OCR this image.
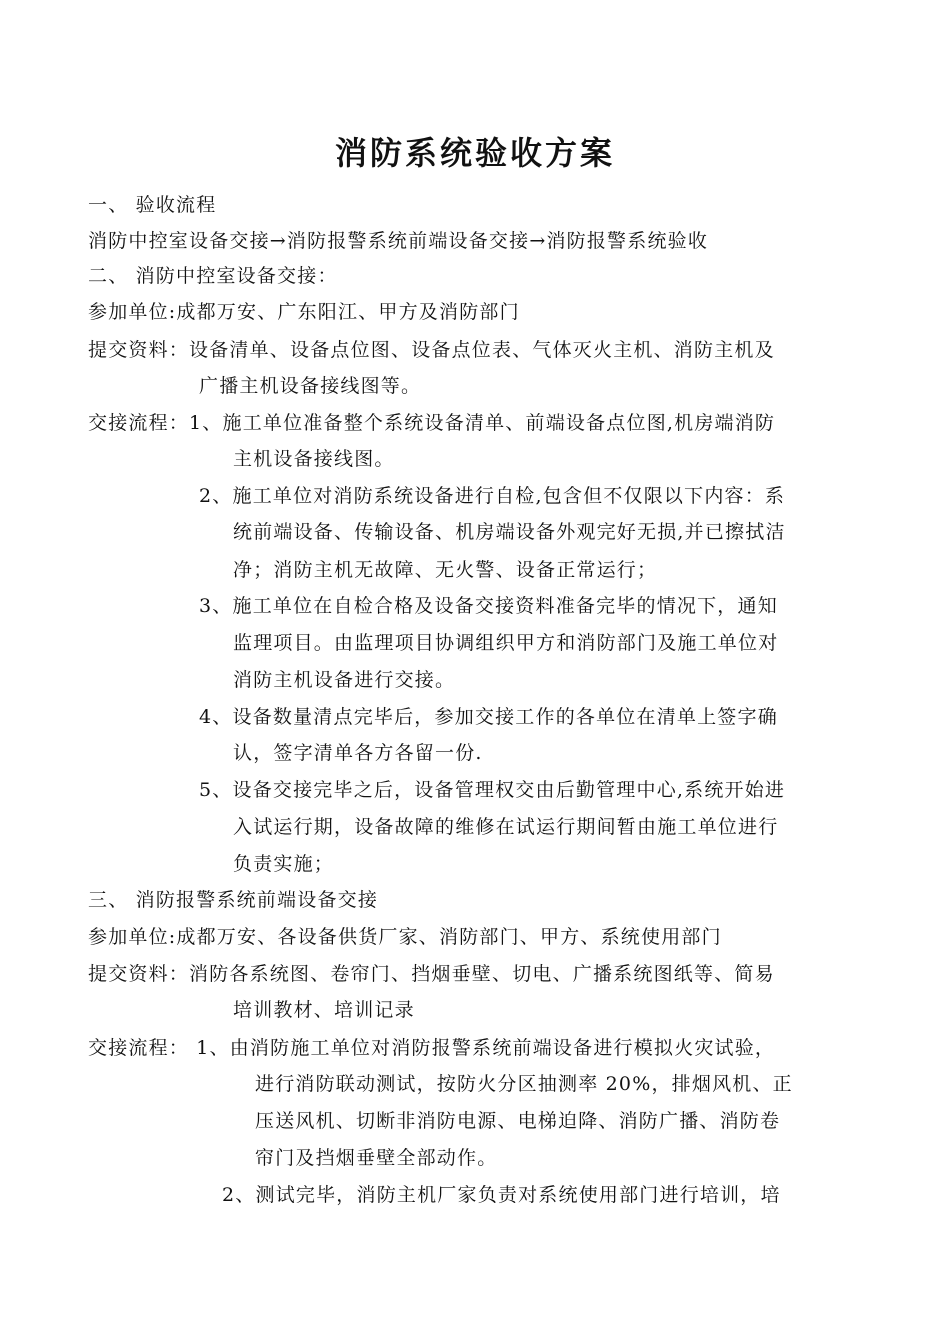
消防系统验收方案
一、 验收流程
消防中控室设备交接→消防报警系统前端设备交接→消防报警系统验收
二、 消防中控室设备交接：
参加单位:成都万安、广东阳江、甲方及消防部门
提交资料：设备清单、设备点位图、设备点位表、气体灭火主机、消防主机及
广播主机设备接线图等。
交接流程：1、施工单位准备整个系统设备清单、前端设备点位图,机房端消防
主机设备接线图。
2、施工单位对消防系统设备进行自检,包含但不仅限以下内容：系
统前端设备、传输设备、机房端设备外观完好无损,并已擦拭洁
净；消防主机无故障、无火警、设备正常运行；
3、施工单位在自检合格及设备交接资料准备完毕的情况下，通知
监理项目。由监理项目协调组织甲方和消防部门及施工单位对
消防主机设备进行交接。
4、设备数量清点完毕后，参加交接工作的各单位在清单上签字确
认，签字清单各方各留一份.
5、设备交接完毕之后，设备管理权交由后勤管理中心,系统开始进
入试运行期，设备故障的维修在试运行期间暂由施工单位进行
负责实施；
三、 消防报警系统前端设备交接
参加单位:成都万安、各设备供货厂家、消防部门、甲方、系统使用部门
提交资料：消防各系统图、卷帘门、挡烟垂壁、切电、广播系统图纸等、简易
培训教材、培训记录
交接流程： 1、由消防施工单位对消防报警系统前端设备进行模拟火灾试验，
进行消防联动测试，按防火分区抽测率 20%，排烟风机、正
压送风机、切断非消防电源、电梯迫降、消防广播、消防卷
帘门及挡烟垂壁全部动作。
2、测试完毕，消防主机厂家负责对系统使用部门进行培训，培
